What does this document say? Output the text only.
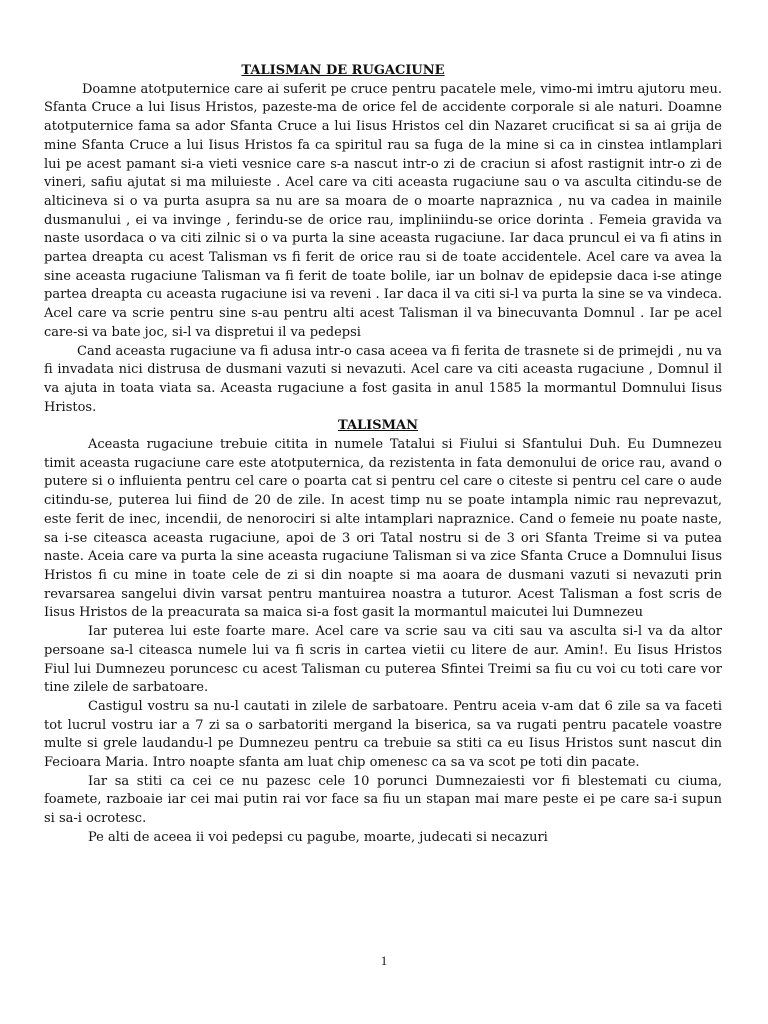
TALISMAN DE RUGACIUNE

Doamne atotputernice care ai suferit pe cruce pentru pacatele mele, vimo-mi imtru ajutoru meu. Sfanta Cruce a lui Iisus Hristos, pazeste-ma de orice fel de accidente corporale si ale naturi. Doamne atotputernice fama sa ador Sfanta Cruce a lui Iisus Hristos cel din Nazaret crucificat si sa ai grija de mine Sfanta Cruce a lui Iisus Hristos fa ca spiritul rau sa fuga de la mine si ca in cinstea intlamplari lui pe acest pamant si-a vieti vesnice care s-a nascut intr-o zi de craciun si afost rastignit intr-o zi de vineri, safiu ajutat si ma miluieste . Acel care va citi aceasta rugaciune sau o va asculta citindu-se de alticineva si o va purta asupra sa nu are sa moara de o moarte napraznica , nu va cadea in mainile dusmanului , ei va invinge , ferindu-se de orice rau, impliniindu-se orice dorinta . Femeia gravida va naste usordaca o va citi zilnic si o va purta la sine aceasta rugaciune. Iar daca pruncul ei va fi atins in partea dreapta cu acest Talisman vs fi ferit de orice rau si de toate accidentele. Acel care va avea la sine aceasta rugaciune Talisman va fi ferit de toate bolile, iar un bolnav de epidepsie daca i-se atinge partea dreapta cu aceasta rugaciune isi va reveni . Iar daca il va citi si-l va purta la sine se va vindeca. Acel care va scrie pentru sine s-au pentru alti acest Talisman il va binecuvanta Domnul . Iar pe acel care-si va bate joc, si-l va dispretui il va pedepsi

Cand aceasta rugaciune va fi adusa intr-o casa aceea va fi ferita de trasnete si de primejdi , nu va fi invadata nici distrusa de dusmani vazuti si nevazuti. Acel care va citi aceasta rugaciune , Domnul il va ajuta in toata viata sa. Aceasta rugaciune a fost gasita in anul 1585 la mormantul Domnului Iisus Hristos.

TALISMAN

Aceasta rugaciune trebuie citita in numele Tatalui si Fiului si Sfantului Duh. Eu Dumnezeu timit aceasta rugaciune care este atotputernica, da rezistenta in fata demonului de orice rau, avand o putere si o influienta pentru cel care o poarta cat si pentru cel care o citeste si pentru cel care o aude citindu-se, puterea lui fiind de 20 de zile. In acest timp nu se poate intampla nimic rau neprevazut, este ferit de inec, incendii, de nenorociri si alte intamplari napraznice. Cand o femeie nu poate naste, sa i-se citeasca aceasta rugaciune, apoi de 3 ori Tatal nostru si de 3 ori Sfanta Treime si va putea naste. Aceia care va purta la sine aceasta rugaciune Talisman si va zice Sfanta Cruce a Domnului Iisus Hristos fi cu mine in toate cele de zi si din noapte si ma aoara de dusmani vazuti si nevazuti prin revarsarea sangelui divin varsat pentru mantuirea noastra a tuturor. Acest Talisman a fost scris de Iisus Hristos de la preacurata sa maica si-a fost gasit la mormantul maicutei lui Dumnezeu

Iar puterea lui este foarte mare. Acel care va scrie sau va citi sau va asculta si-l va da altor persoane sa-l citeasca numele lui va fi scris in cartea vietii cu litere de aur. Amin!. Eu Iisus Hristos Fiul lui Dumnezeu poruncesc cu acest Talisman cu puterea Sfintei Treimi sa fiu cu voi cu toti care vor tine zilele de sarbatoare.

Castigul vostru sa nu-l cautati in zilele de sarbatoare. Pentru aceia v-am dat 6 zile sa va faceti tot lucrul vostru iar a 7 zi sa o sarbatoriti mergand la biserica, sa va rugati pentru pacatele voastre multe si grele laudandu-l pe Dumnezeu pentru ca trebuie sa stiti ca eu Iisus Hristos sunt nascut din Fecioara Maria. Intro noapte sfanta am luat chip omenesc ca sa va scot pe toti din pacate.

Iar sa stiti ca cei ce nu pazesc cele 10 porunci Dumnezaiesti vor fi blestemati cu ciuma, foamete, razboaie iar cei mai putin rai vor face sa fiu un stapan mai mare peste ei pe care sa-i supun si sa-i ocrotesc.

Pe alti de aceea ii voi pedepsi cu pagube, moarte, judecati si necazuri

1
